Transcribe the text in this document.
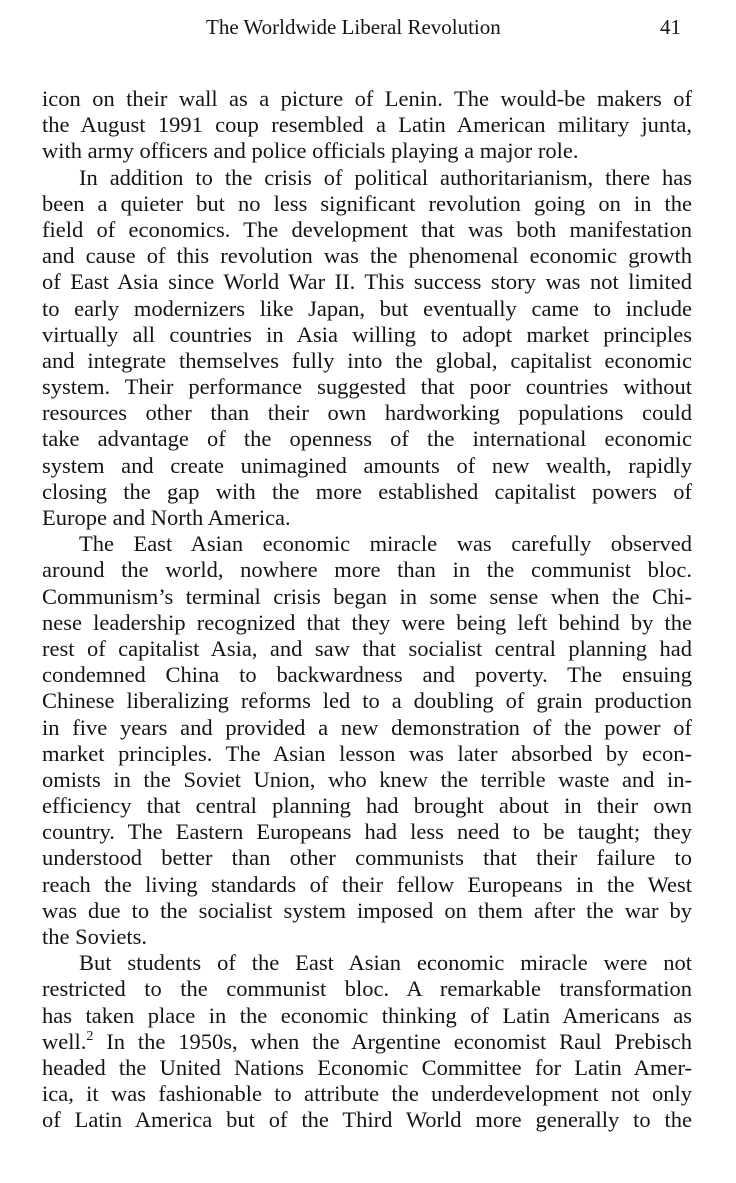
The Worldwide Liberal Revolution	41
icon on their wall as a picture of Lenin. The would-be makers of
the August 1991 coup resembled a Latin American military junta,
with army officers and police officials playing a major role.
In addition to the crisis of political authoritarianism, there has
been a quieter but no less significant revolution going on in the
field of economics. The development that was both manifestation
and cause of this revolution was the phenomenal economic growth
of East Asia since World War II. This success story was not limited
to early modernizers like Japan, but eventually came to include
virtually all countries in Asia willing to adopt market principles
and integrate themselves fully into the global, capitalist economic
system. Their performance suggested that poor countries without
resources other than their own hardworking populations could
take advantage of the openness of the international economic
system and create unimagined amounts of new wealth, rapidly
closing the gap with the more established capitalist powers of
Europe and North America.
The East Asian economic miracle was carefully observed
around the world, nowhere more than in the communist bloc.
Communism’s terminal crisis began in some sense when the Chi-
nese leadership recognized that they were being left behind by the
rest of capitalist Asia, and saw that socialist central planning had
condemned China to backwardness and poverty. The ensuing
Chinese liberalizing reforms led to a doubling of grain production
in five years and provided a new demonstration of the power of
market principles. The Asian lesson was later absorbed by econ-
omists in the Soviet Union, who knew the terrible waste and in-
efficiency that central planning had brought about in their own
country. The Eastern Europeans had less need to be taught; they
understood better than other communists that their failure to
reach the living standards of their fellow Europeans in the West
was due to the socialist system imposed on them after the war by
the Soviets.
But students of the East Asian economic miracle were not
restricted to the communist bloc. A remarkable transformation
has taken place in the economic thinking of Latin Americans as
well.$^2$ In the 1950s, when the Argentine economist Raul Prebisch
headed the United Nations Economic Committee for Latin Amer-
ica, it was fashionable to attribute the underdevelopment not only
of Latin America but of the Third World more generally to the
